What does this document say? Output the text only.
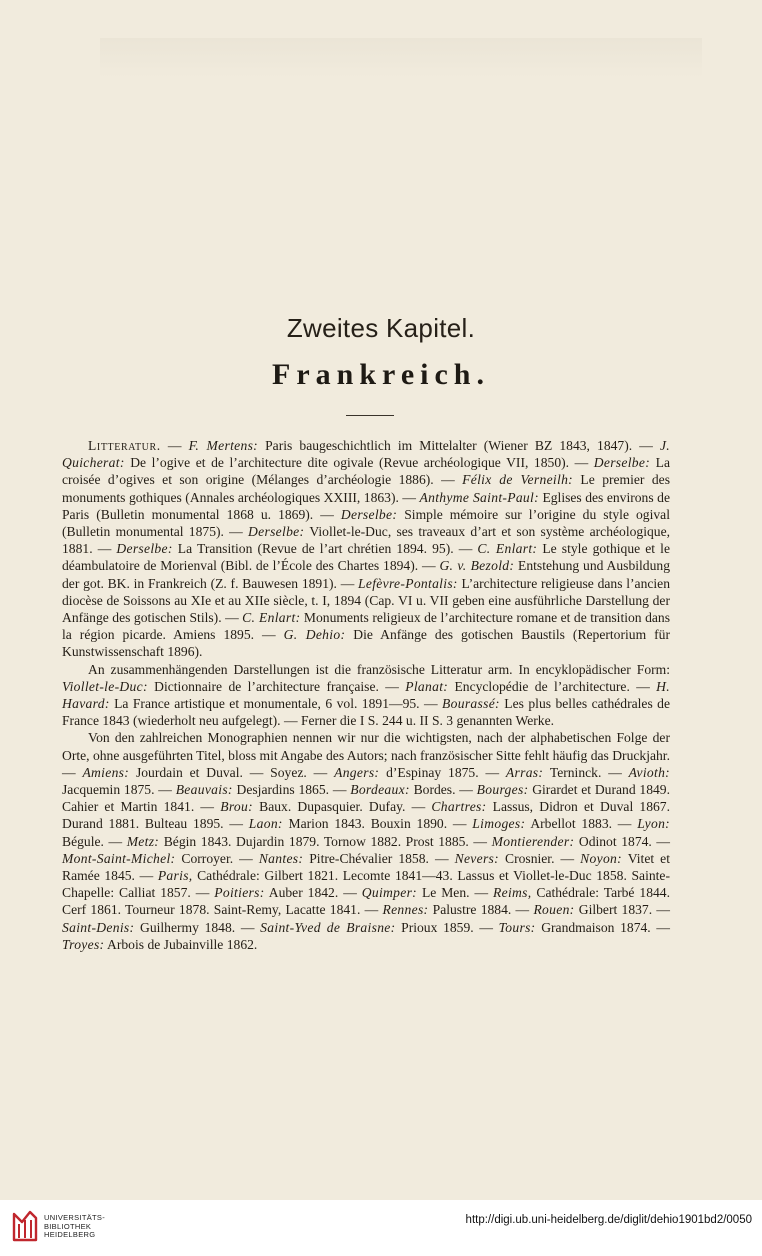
Zweites Kapitel.
Frankreich.

Litteratur. — F. Mertens: Paris baugeschichtlich im Mittelalter (Wiener BZ 1843, 1847). — J. Quicherat: De l’ogive et de l’architecture dite ogivale (Revue archéologique VII, 1850). — Derselbe: La croisée d’ogives et son origine (Mélanges d’archéologie 1886). — Félix de Verneilh: Le premier des monuments gothiques (Annales archéologiques XXIII, 1863). — Anthyme Saint-Paul: Eglises des environs de Paris (Bulletin monumental 1868 u. 1869). — Derselbe: Simple mémoire sur l’origine du style ogival (Bulletin monumental 1875). — Derselbe: Viollet-le-Duc, ses traveaux d’art et son système archéologique, 1881. — Derselbe: La Transition (Revue de l’art chrétien 1894. 95). — C. Enlart: Le style gothique et le déambulatoire de Morienval (Bibl. de l’École des Chartes 1894). — G. v. Bezold: Entstehung und Ausbildung der got. BK. in Frankreich (Z. f. Bauwesen 1891). — Lefèvre-Pontalis: L’architecture religieuse dans l’ancien diocèse de Soissons au XIe et au XIIe siècle, t. I, 1894 (Cap. VI u. VII geben eine ausführliche Darstellung der Anfänge des gotischen Stils). — C. Enlart: Monuments religieux de l’architecture romane et de transition dans la région picarde. Amiens 1895. — G. Dehio: Die Anfänge des gotischen Baustils (Repertorium für Kunstwissenschaft 1896).

An zusammenhängenden Darstellungen ist die französische Litteratur arm. In encyklopädischer Form: Viollet-le-Duc: Dictionnaire de l’architecture française. — Planat: Encyclopédie de l’architecture. — H. Havard: La France artistique et monumentale, 6 vol. 1891—95. — Bourassé: Les plus belles cathédrales de France 1843 (wiederholt neu aufgelegt). — Ferner die I S. 244 u. II S. 3 genannten Werke.

Von den zahlreichen Monographien nennen wir nur die wichtigsten, nach der alphabetischen Folge der Orte, ohne ausgeführten Titel, bloss mit Angabe des Autors; nach französischer Sitte fehlt häufig das Druckjahr. — Amiens: Jourdain et Duval. — Soyez. — Angers: d’Espinay 1875. — Arras: Terninck. — Avioth: Jacquemin 1875. — Beauvais: Desjardins 1865. — Bordeaux: Bordes. — Bourges: Girardet et Durand 1849. Cahier et Martin 1841. — Brou: Baux. Dupasquier. Dufay. — Chartres: Lassus, Didron et Duval 1867. Durand 1881. Bulteau 1895. — Laon: Marion 1843. Bouxin 1890. — Limoges: Arbellot 1883. — Lyon: Bégule. — Metz: Bégin 1843. Dujardin 1879. Tornow 1882. Prost 1885. — Montierender: Odinot 1874. — Mont-Saint-Michel: Corroyer. — Nantes: Pitre-Chévalier 1858. — Nevers: Crosnier. — Noyon: Vitet et Ramée 1845. — Paris, Cathédrale: Gilbert 1821. Lecomte 1841—43. Lassus et Viollet-le-Duc 1858. Sainte-Chapelle: Calliat 1857. — Poitiers: Auber 1842. — Quimper: Le Men. — Reims, Cathédrale: Tarbé 1844. Cerf 1861. Tourneur 1878. Saint-Remy, Lacatte 1841. — Rennes: Palustre 1884. — Rouen: Gilbert 1837. — Saint-Denis: Guilhermy 1848. — Saint-Yved de Braisne: Prioux 1859. — Tours: Grandmaison 1874. — Troyes: Arbois de Jubainville 1862.

UNIVERSITÄTS-
BIBLIOTHEK
HEIDELBERG
http://digi.ub.uni-heidelberg.de/diglit/dehio1901bd2/0050
